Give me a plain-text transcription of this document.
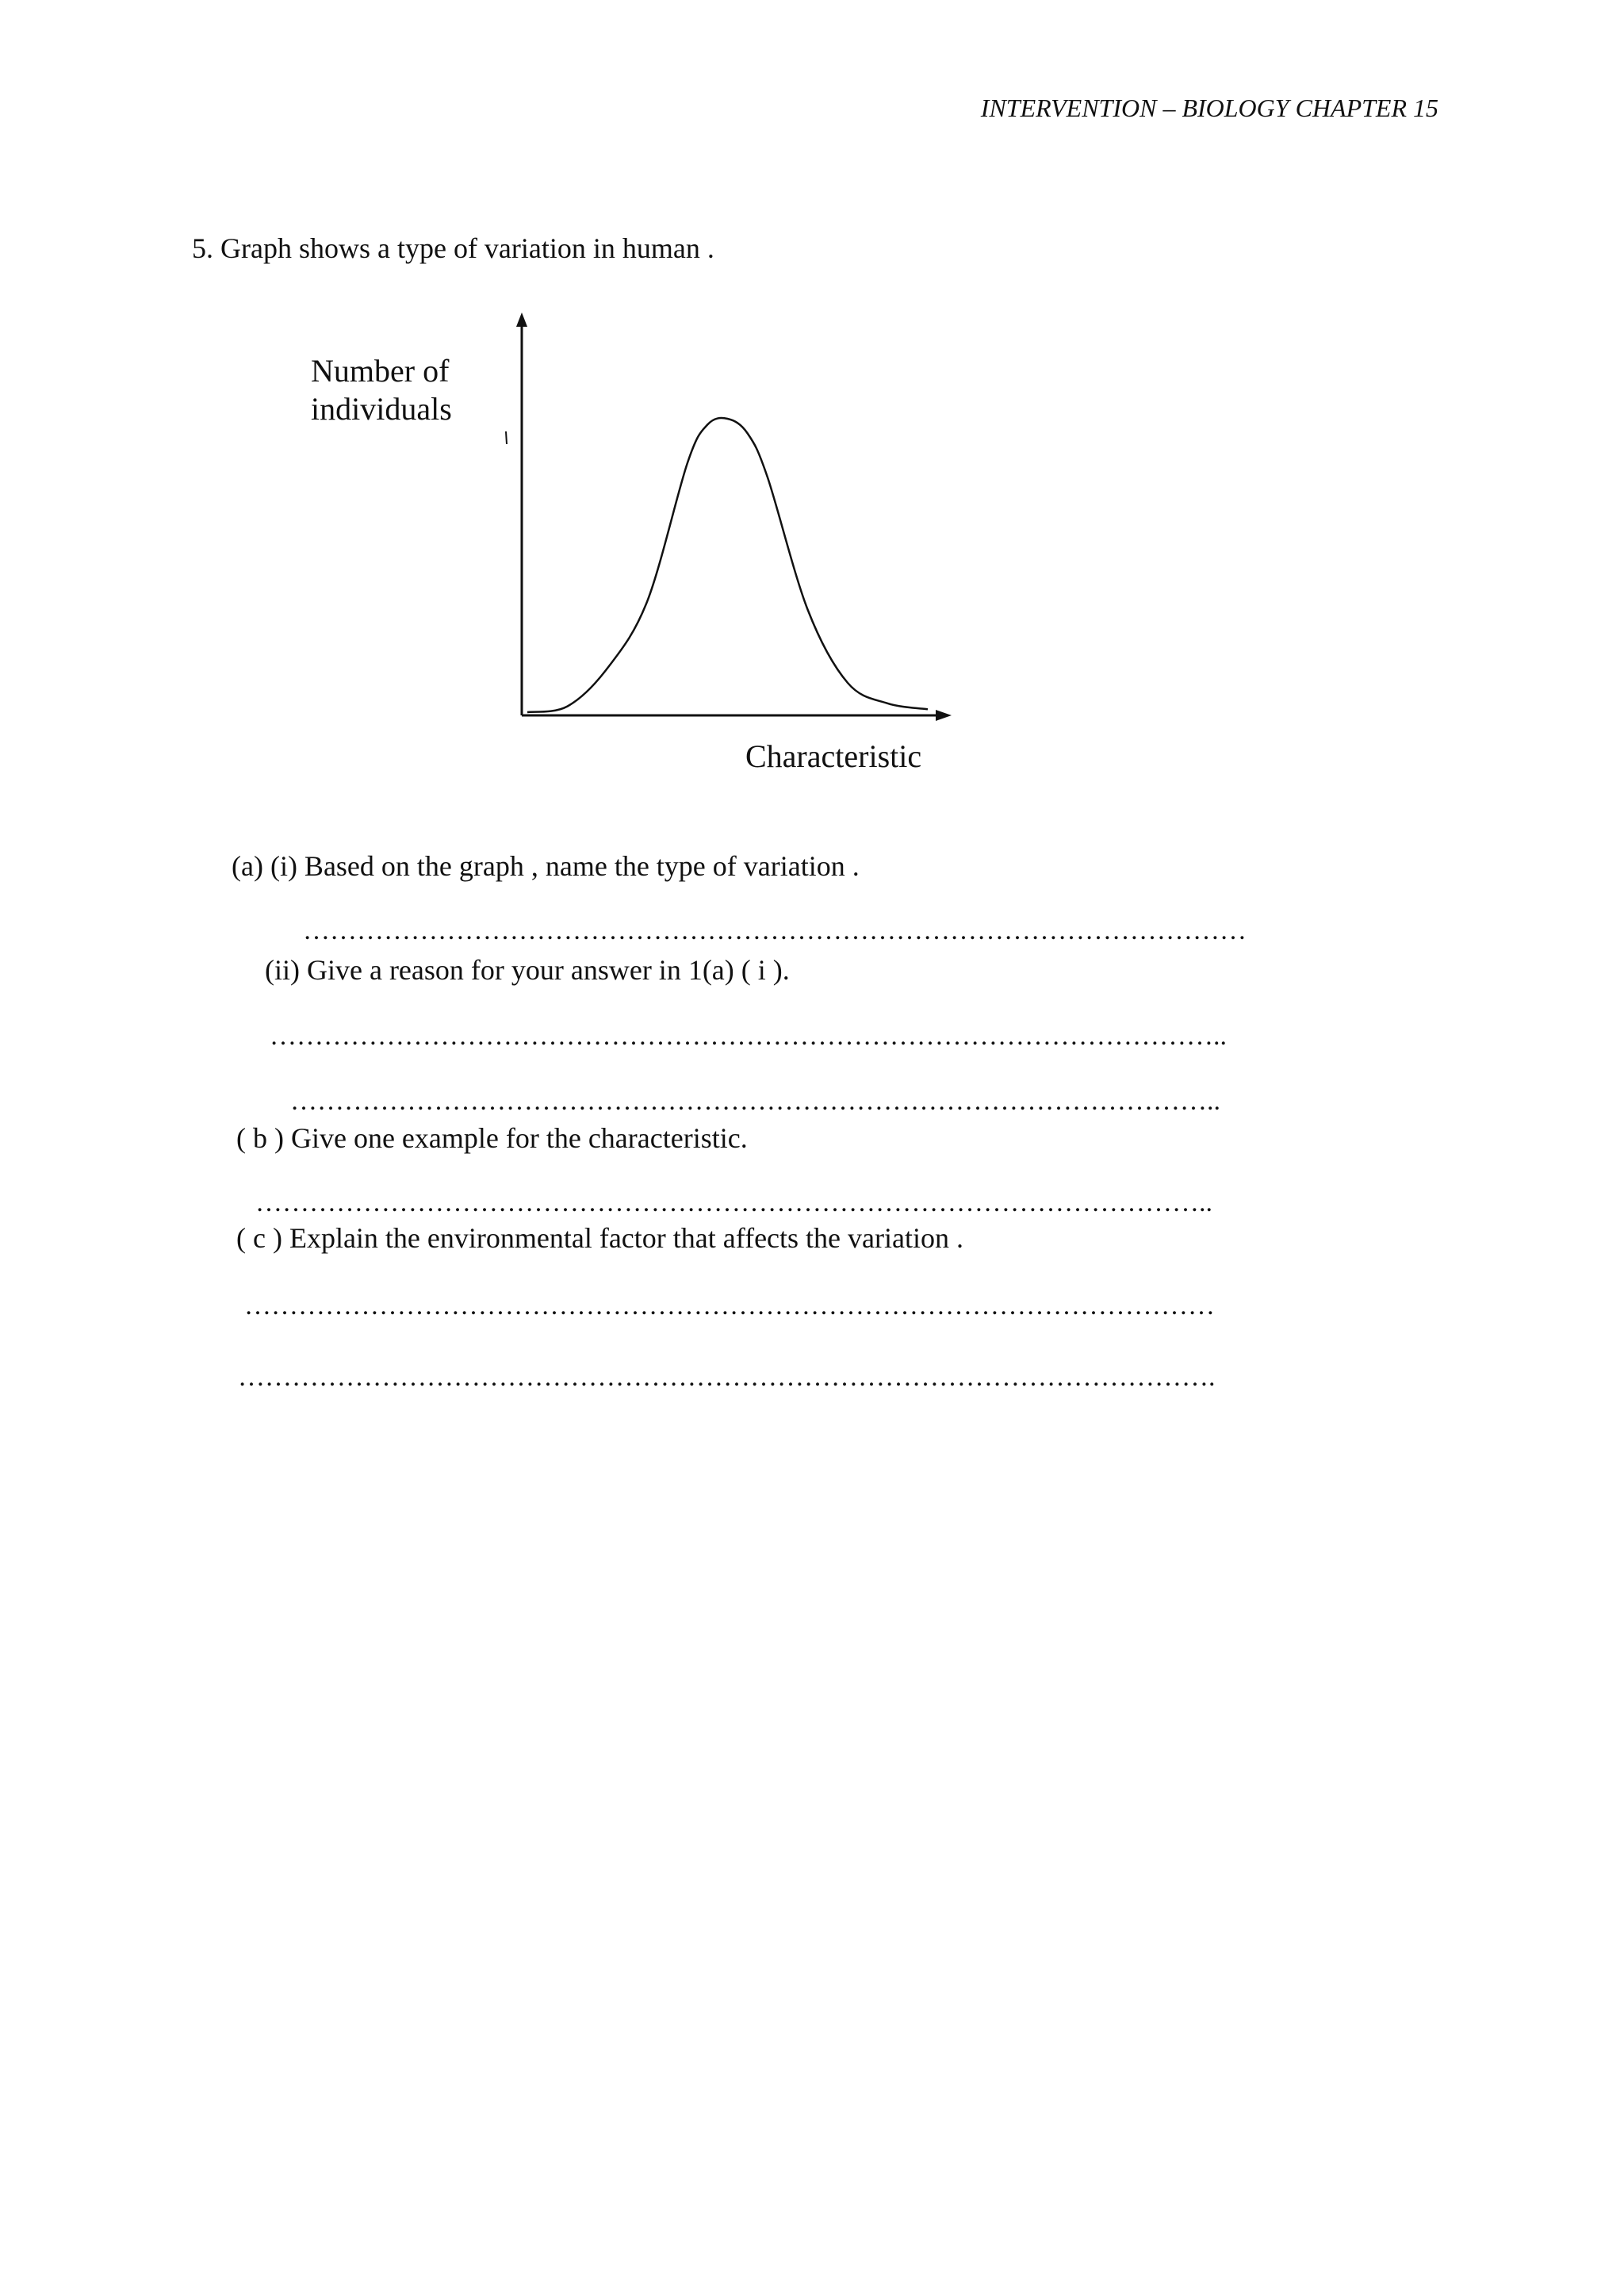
INTERVENTION – BIOLOGY CHAPTER 15
5. Graph shows a type of variation in human .
Number of
individuals
Characteristic
(a) (i) Based on the graph , name the type of variation .
……………………………………………………………………………………………
(ii) Give a reason for your answer in 1(a) ( i ).
……………………………………………………………………………………………..
…………………………………………………………………………………………..
( b ) Give one example for the characteristic.
……………………………………………………………………………………………..
( c ) Explain the environmental factor that affects the variation .
………………………………………………………………………………………………
……………………………………………………………………………………………….
